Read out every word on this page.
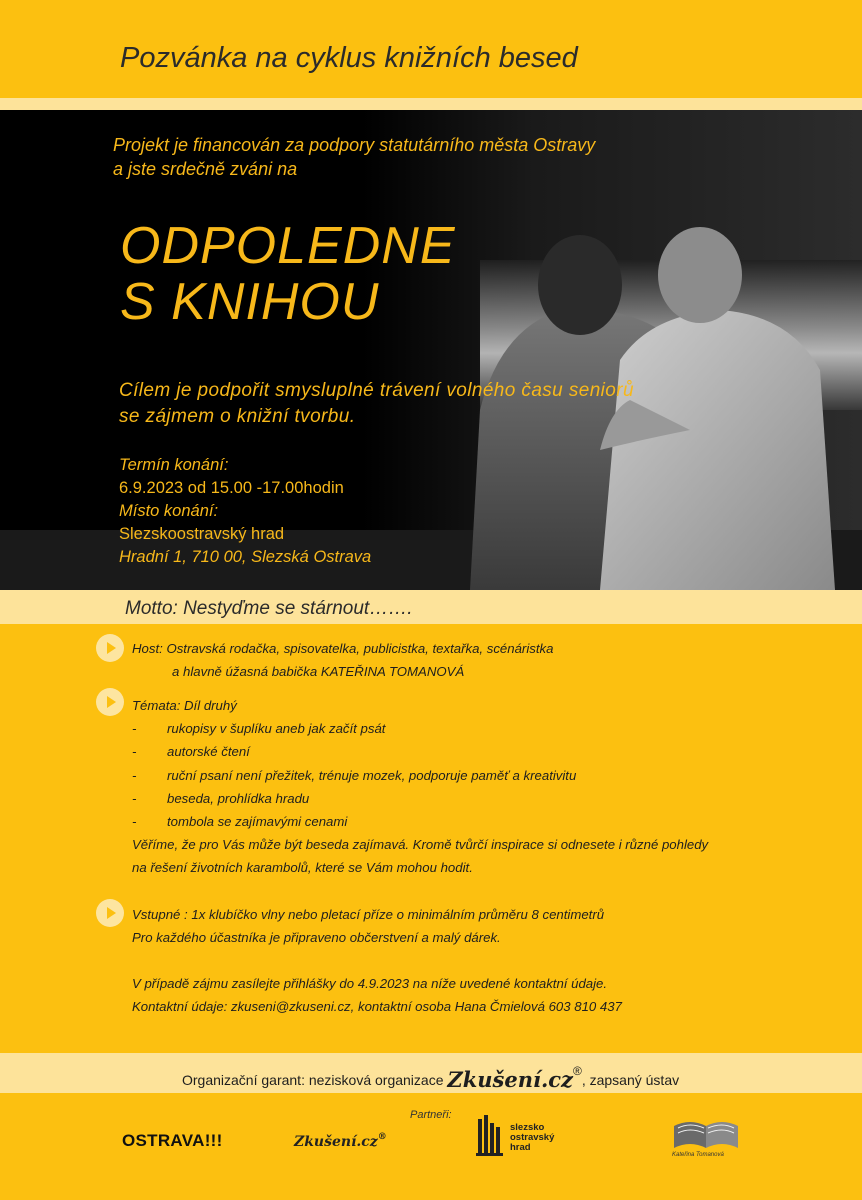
Pozvánka na cyklus knižních besed
Projekt je financován za podpory statutárního města Ostravy
a jste srdečně zváni na
ODPOLEDNE
S KNIHOU
Cílem je podpořit smysluplné trávení volného času seniorů
se zájmem o knižní tvorbu.
Termín konání:
6.9.2023 od 15.00 -17.00hodin
Místo konání:
Slezskoostravský hrad
Hradní 1, 710 00, Slezská Ostrava
Motto: Nestyďme se stárnout…….
Host: Ostravská rodačka, spisovatelka, publicistka, textařka, scénáristka
a hlavně úžasná babička KATEŘINA TOMANOVÁ
Témata: Díl druhý
- rukopisy v šuplíku aneb jak začít psát
- autorské čtení
- ruční psaní není přežitek, trénuje mozek, podporuje paměť a kreativitu
- beseda, prohlídka hradu
- tombola se zajímavými cenami
Věříme, že pro Vás může být beseda zajímavá. Kromě tvůrčí inspirace si odnesete i různé pohledy
na řešení životních karambolů, které se Vám mohou hodit.
Vstupné : 1x klubíčko vlny nebo pletací příze o minimálním průměru 8 centimetrů
Pro každého účastníka je připraveno občerstvení a malý dárek.
V případě zájmu zasílejte přihlášky do 4.9.2023 na níže uvedené kontaktní údaje.
Kontaktní údaje: zkuseni@zkuseni.cz, kontaktní osoba Hana Čmielová 603 810 437
Organizační garant: nezisková organizace Zkušení.cz®, zapsaný ústav
Partneři:
OSTRAVA!!!	Zkušení.cz®
slezsko
ostravský
hrad
Kateřina Tomanová
